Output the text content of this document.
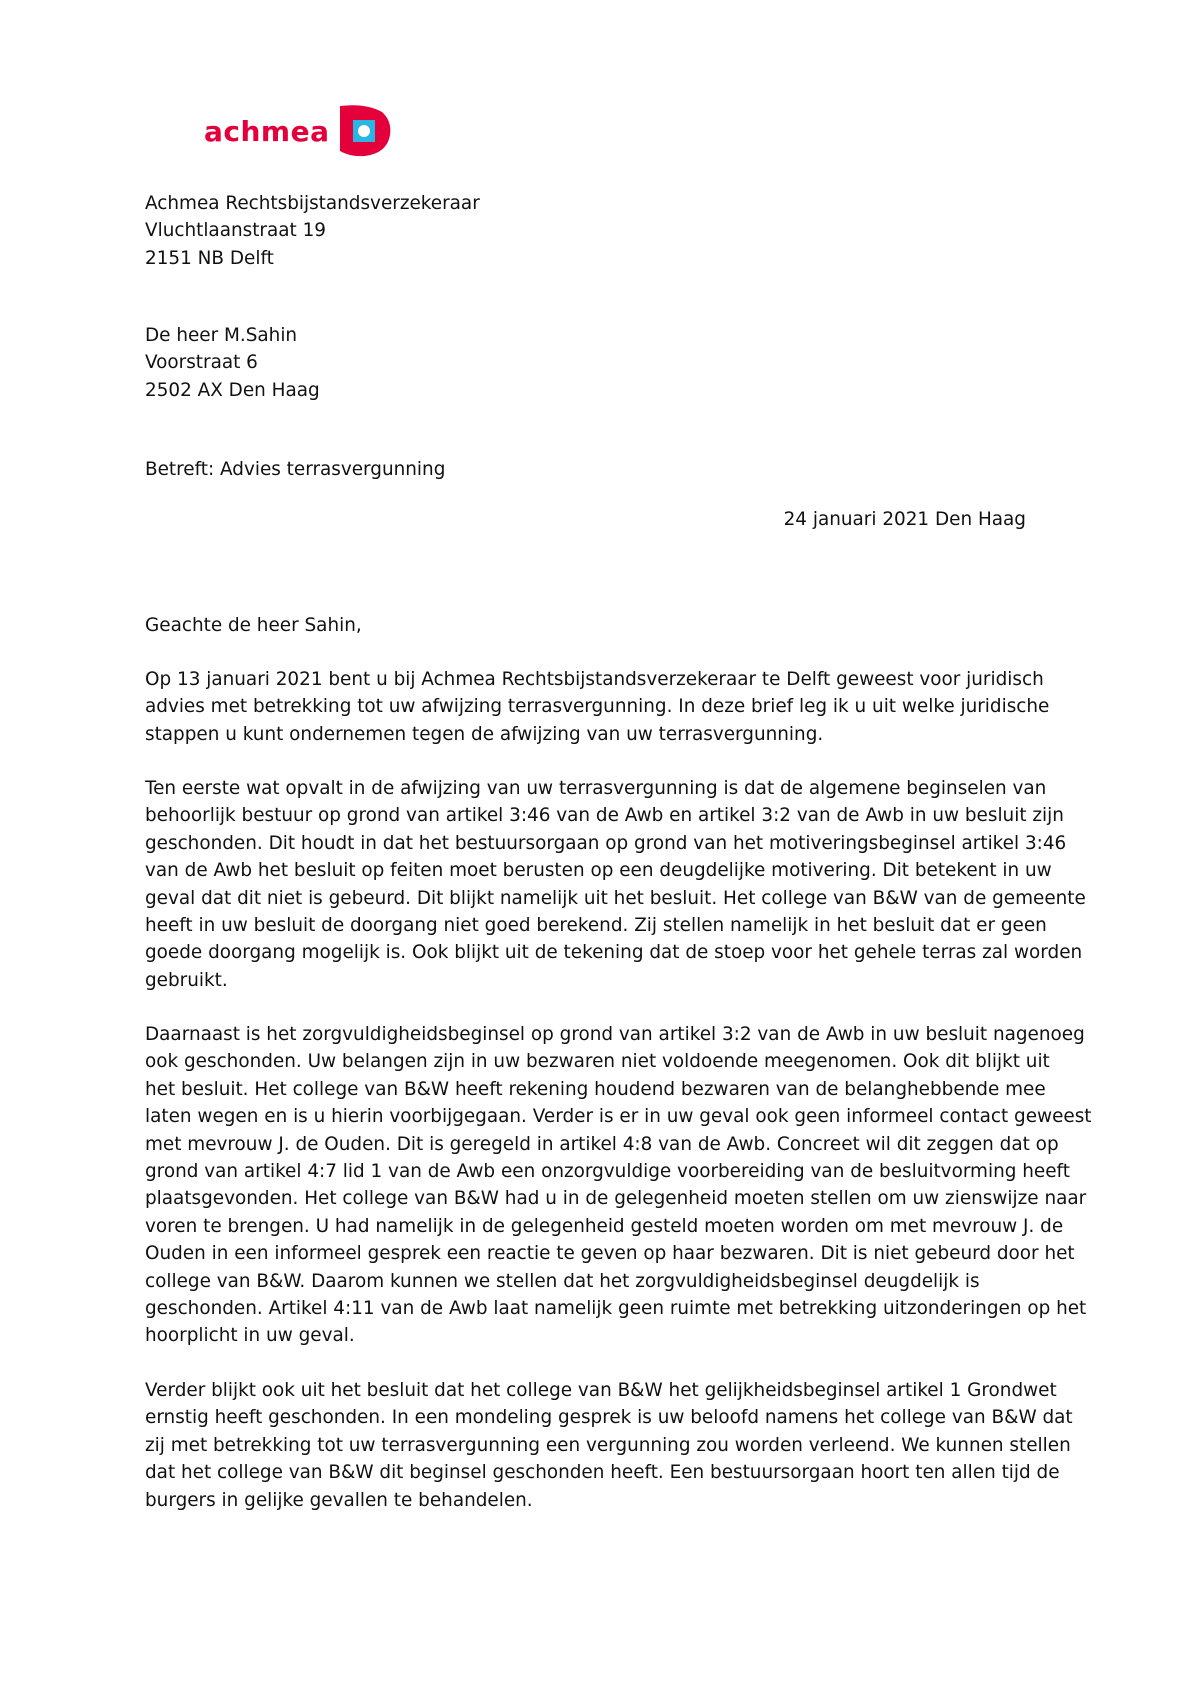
achmea
Achmea Rechtsbijstandsverzekeraar
Vluchtlaanstraat 19
2151 NB Delft
De heer M.Sahin
Voorstraat 6
2502 AX Den Haag
Betreft: Advies terrasvergunning
24 januari 2021 Den Haag
Geachte de heer Sahin,
Op 13 januari 2021 bent u bij Achmea Rechtsbijstandsverzekeraar te Delft geweest voor juridisch
advies met betrekking tot uw afwijzing terrasvergunning. In deze brief leg ik u uit welke juridische
stappen u kunt ondernemen tegen de afwijzing van uw terrasvergunning.
Ten eerste wat opvalt in de afwijzing van uw terrasvergunning is dat de algemene beginselen van
behoorlijk bestuur op grond van artikel 3:46 van de Awb en artikel 3:2 van de Awb in uw besluit zijn
geschonden. Dit houdt in dat het bestuursorgaan op grond van het motiveringsbeginsel artikel 3:46
van de Awb het besluit op feiten moet berusten op een deugdelijke motivering. Dit betekent in uw
geval dat dit niet is gebeurd. Dit blijkt namelijk uit het besluit. Het college van B&W van de gemeente
heeft in uw besluit de doorgang niet goed berekend. Zij stellen namelijk in het besluit dat er geen
goede doorgang mogelijk is. Ook blijkt uit de tekening dat de stoep voor het gehele terras zal worden
gebruikt.
Daarnaast is het zorgvuldigheidsbeginsel op grond van artikel 3:2 van de Awb in uw besluit nagenoeg
ook geschonden. Uw belangen zijn in uw bezwaren niet voldoende meegenomen. Ook dit blijkt uit
het besluit. Het college van B&W heeft rekening houdend bezwaren van de belanghebbende mee
laten wegen en is u hierin voorbijgegaan. Verder is er in uw geval ook geen informeel contact geweest
met mevrouw J. de Ouden. Dit is geregeld in artikel 4:8 van de Awb. Concreet wil dit zeggen dat op
grond van artikel 4:7 lid 1 van de Awb een onzorgvuldige voorbereiding van de besluitvorming heeft
plaatsgevonden. Het college van B&W had u in de gelegenheid moeten stellen om uw zienswijze naar
voren te brengen. U had namelijk in de gelegenheid gesteld moeten worden om met mevrouw J. de
Ouden in een informeel gesprek een reactie te geven op haar bezwaren. Dit is niet gebeurd door het
college van B&W. Daarom kunnen we stellen dat het zorgvuldigheidsbeginsel deugdelijk is
geschonden. Artikel 4:11 van de Awb laat namelijk geen ruimte met betrekking uitzonderingen op het
hoorplicht in uw geval.
Verder blijkt ook uit het besluit dat het college van B&W het gelijkheidsbeginsel artikel 1 Grondwet
ernstig heeft geschonden. In een mondeling gesprek is uw beloofd namens het college van B&W dat
zij met betrekking tot uw terrasvergunning een vergunning zou worden verleend. We kunnen stellen
dat het college van B&W dit beginsel geschonden heeft. Een bestuursorgaan hoort ten allen tijd de
burgers in gelijke gevallen te behandelen.
